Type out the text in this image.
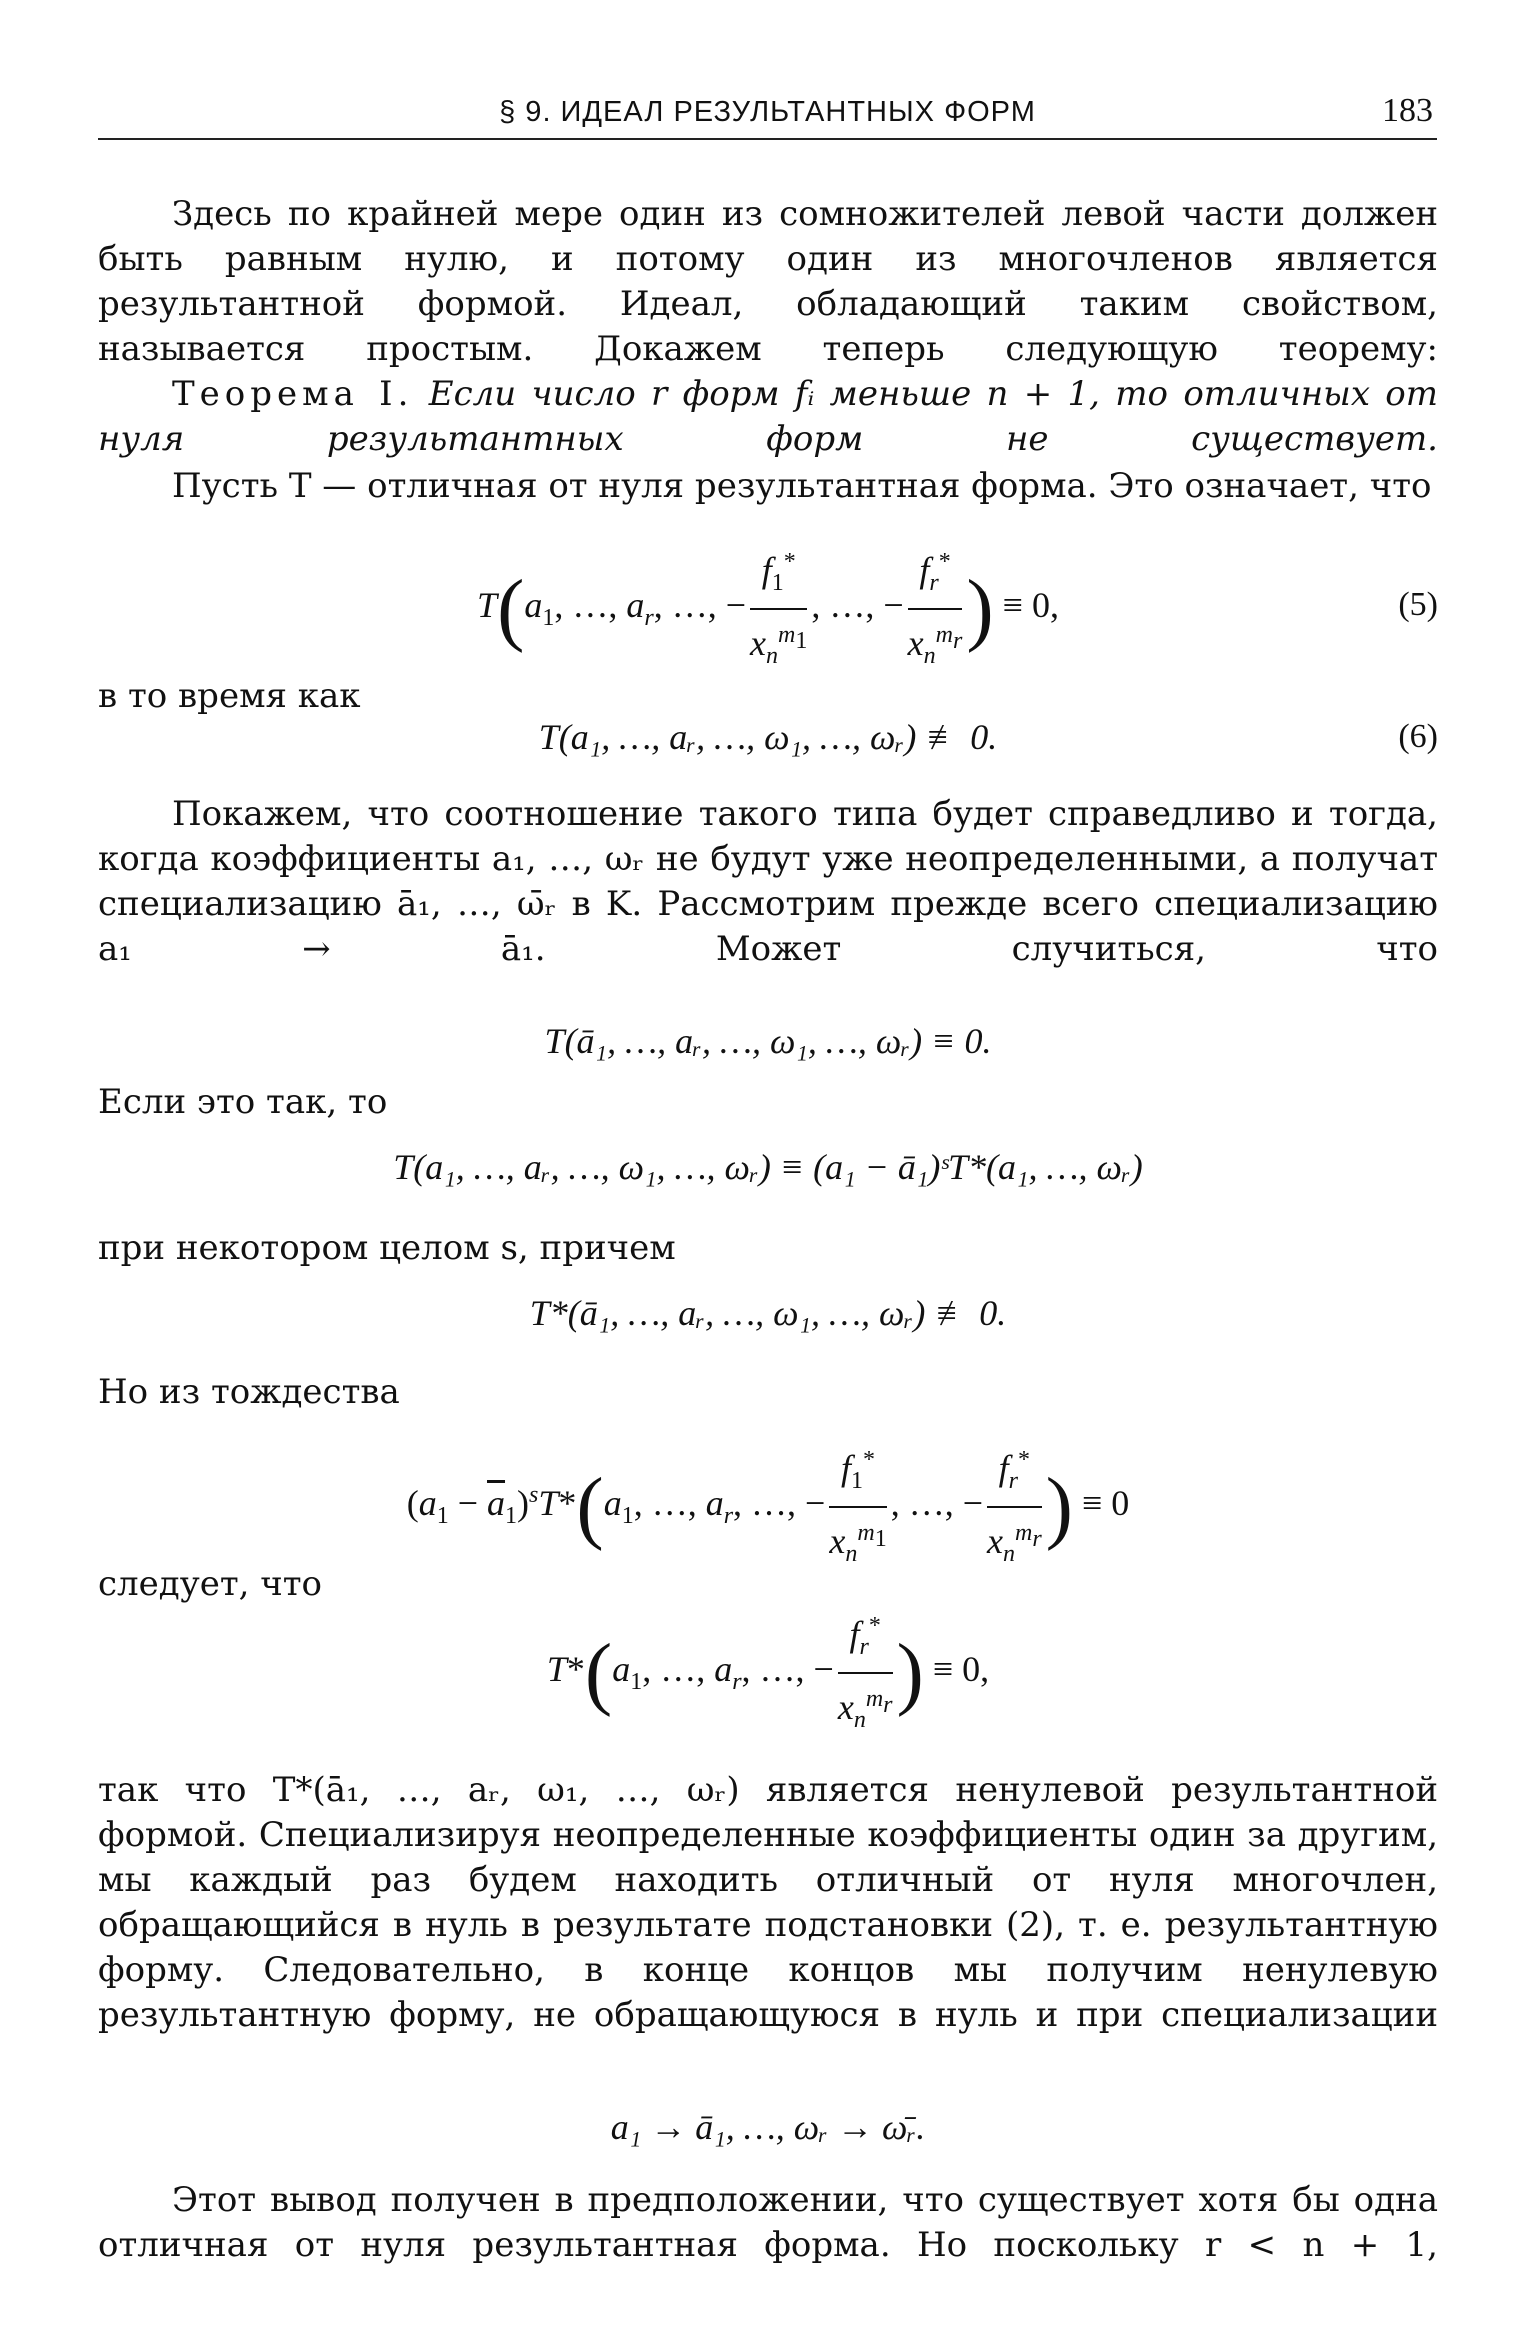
§ 9. ИДЕАЛ РЕЗУЛЬТАНТНЫХ ФОРМ	183
Здесь по крайней мере один из сомножителей левой части должен быть равным нулю, и потому один из многочленов является результантной формой. Идеал, обладающий таким свойством, называется простым. Докажем теперь следующую теорему:
Теорема I. Если число r форм fᵢ меньше n + 1, то отличных от нуля результантных форм не существует.
Пусть T — отличная от нуля результантная форма. Это означает, что
$T(a_1$, …, $a_r$, …, − $\frac{f_1^*}{x_n^{m_1}}$ , …, − $\frac{f_r^*}{x_n^{m_r}}$ ) ≡ 0,	(5)
в то время как
T(a₁, …, aᵣ, …, ω₁, …, ωᵣ) ≢ 0.	(6)
Покажем, что соотношение такого типа будет справедливо и тогда, когда коэффициенты a₁, …, ωᵣ не будут уже неопределенными, а получат специализацию ā₁, …, ω̄ᵣ в K. Рассмотрим прежде всего специализацию a₁ → ā₁. Может случиться, что
T(ā₁, …, aᵣ, …, ω₁, …, ωᵣ) ≡ 0.
Если это так, то
T(a₁, …, aᵣ, …, ω₁, …, ωᵣ) ≡ (a₁ − ā₁)ˢT*(a₁, …, ωᵣ)
при некотором целом s, причем
T*(ā₁, …, aᵣ, …, ω₁, …, ωᵣ) ≢ 0.
Но из тождества
$(a_1 - \overline{a}_1)^sT*(a_1$, …, $a_r$, …, − $\frac{f_1^*}{x_n^{m_1}}$ , …, − $\frac{f_r^*}{x_n^{m_r}}$ ) ≡ 0
следует, что
$T*(a_1$, …, $a_r$, …, − $\frac{f_r^*}{x_n^{m_r}}$ ) ≡ 0,
так что T*(ā₁, …, aᵣ, ω₁, …, ωᵣ) является ненулевой результантной формой. Специализируя неопределенные коэффициенты один за другим, мы каждый раз будем находить отличный от нуля многочлен, обращающийся в нуль в результате подстановки (2), т. е. результантную форму. Следовательно, в конце концов мы получим ненулевую результантную форму, не обращающуюся в нуль и при специализации
a₁ → ā₁, …, ωᵣ → ω̄ᵣ.
Этот вывод получен в предположении, что существует хотя бы одна отличная от нуля результантная форма. Но поскольку r < n + 1,
